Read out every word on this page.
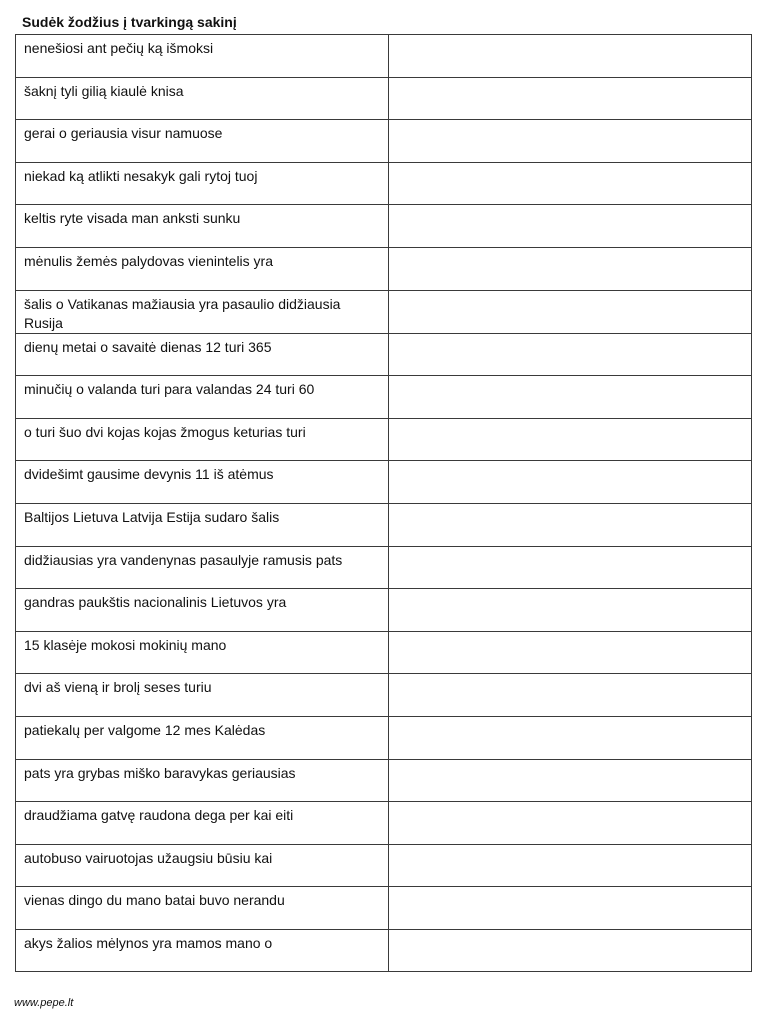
Sudėk žodžius į tvarkingą sakinį
nenešiosi ant pečių ką išmoksi	
šaknį tyli gilią kiaulė knisa	
gerai o geriausia visur namuose	
niekad ką atlikti nesakyk gali rytoj tuoj	
keltis ryte visada man anksti sunku	
mėnulis žemės palydovas vienintelis yra	
šalis o Vatikanas mažiausia yra pasaulio didžiausia Rusija	
dienų metai o savaitė dienas 12 turi 365	
minučių o valanda turi para valandas 24 turi 60	
o turi šuo dvi kojas kojas žmogus keturias turi	
dvidešimt gausime devynis 11 iš atėmus	
Baltijos Lietuva Latvija Estija sudaro šalis	
didžiausias yra vandenynas pasaulyje ramusis pats	
gandras paukštis nacionalinis Lietuvos yra	
15 klasėje mokosi mokinių mano	
dvi aš vieną ir brolį seses turiu	
patiekalų per valgome 12 mes Kalėdas	
pats yra grybas miško baravykas geriausias	
draudžiama gatvę raudona dega per kai eiti	
autobuso vairuotojas užaugsiu būsiu kai	
vienas dingo du mano batai buvo nerandu	
akys žalios mėlynos yra mamos mano o	
www.pepe.lt
